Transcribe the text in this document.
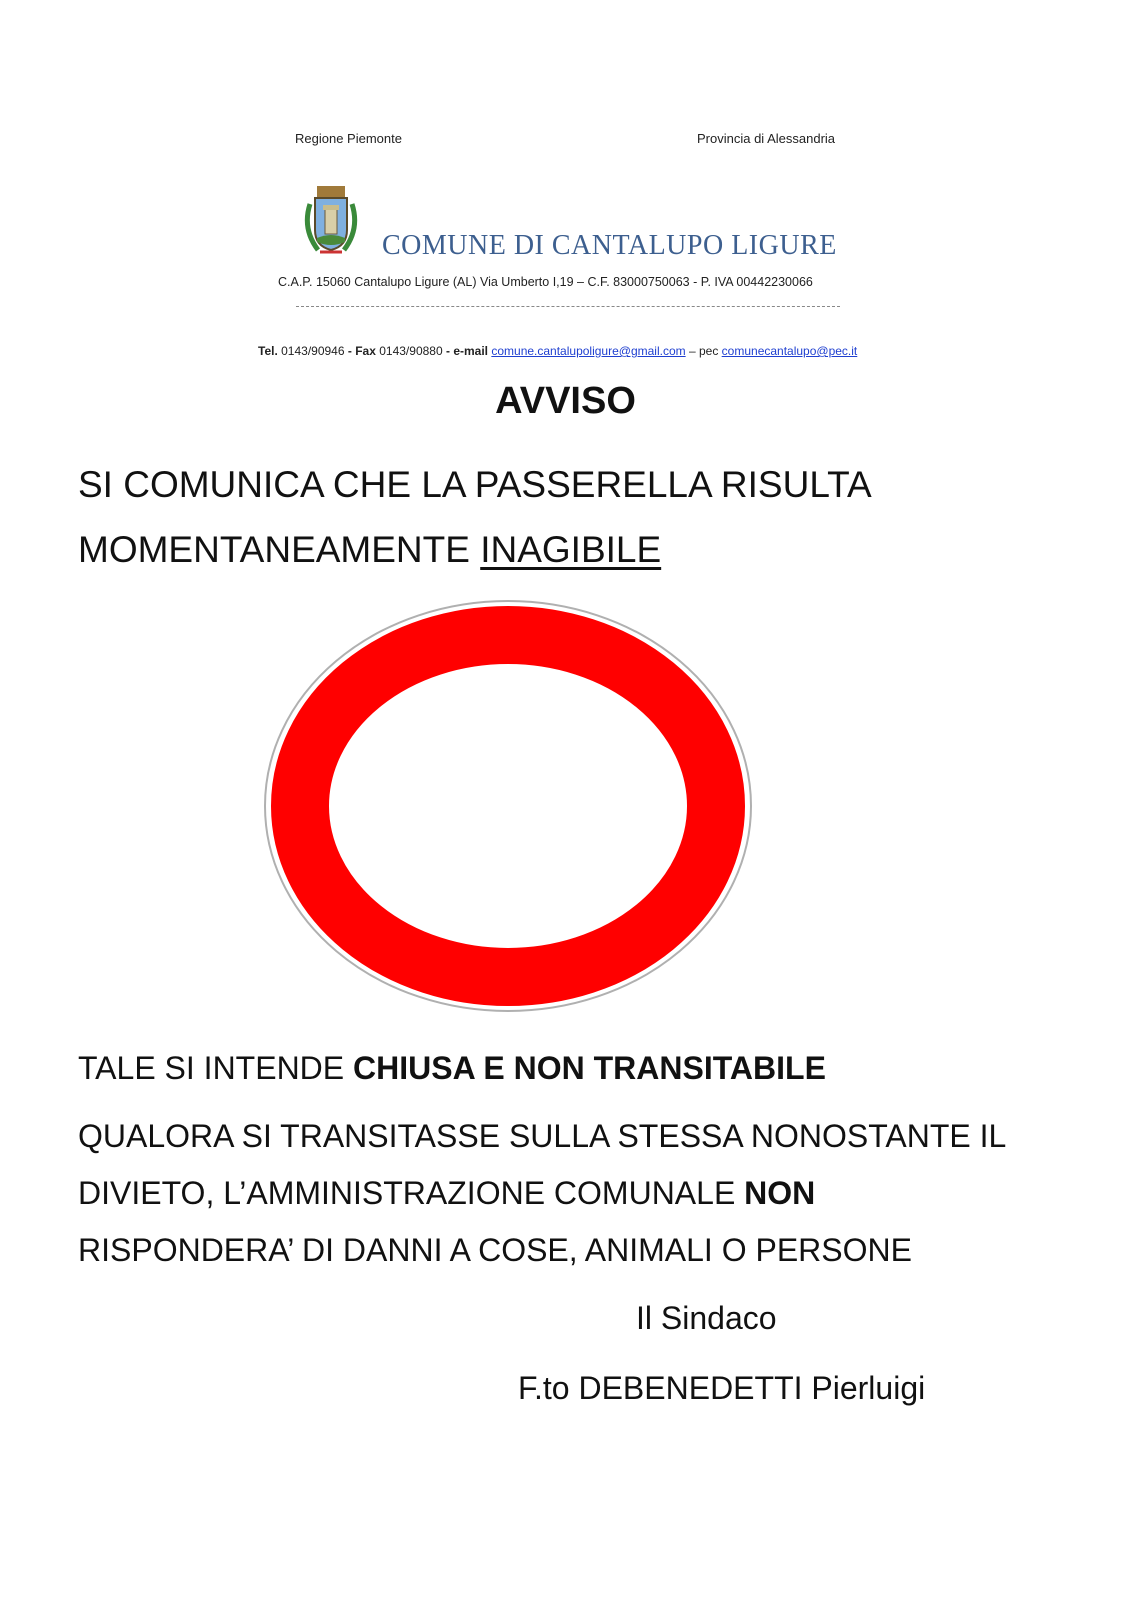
Regione Piemonte	Provincia di Alessandria
COMUNE DI CANTALUPO LIGURE
C.A.P. 15060 Cantalupo Ligure (AL) Via Umberto I,19 – C.F. 83000750063 - P. IVA 00442230066
Tel. 0143/90946 - Fax 0143/90880 - e-mail comune.cantalupoligure@gmail.com – pec comunecantalupo@pec.it
AVVISO
SI COMUNICA CHE LA PASSERELLA RISULTA
MOMENTANEAMENTE INAGIBILE
TALE SI INTENDE CHIUSA E NON TRANSITABILE
QUALORA SI TRANSITASSE SULLA STESSA NONOSTANTE IL
DIVIETO, L’AMMINISTRAZIONE COMUNALE NON
RISPONDERA’ DI DANNI A COSE, ANIMALI O PERSONE
Il Sindaco
F.to DEBENEDETTI Pierluigi
